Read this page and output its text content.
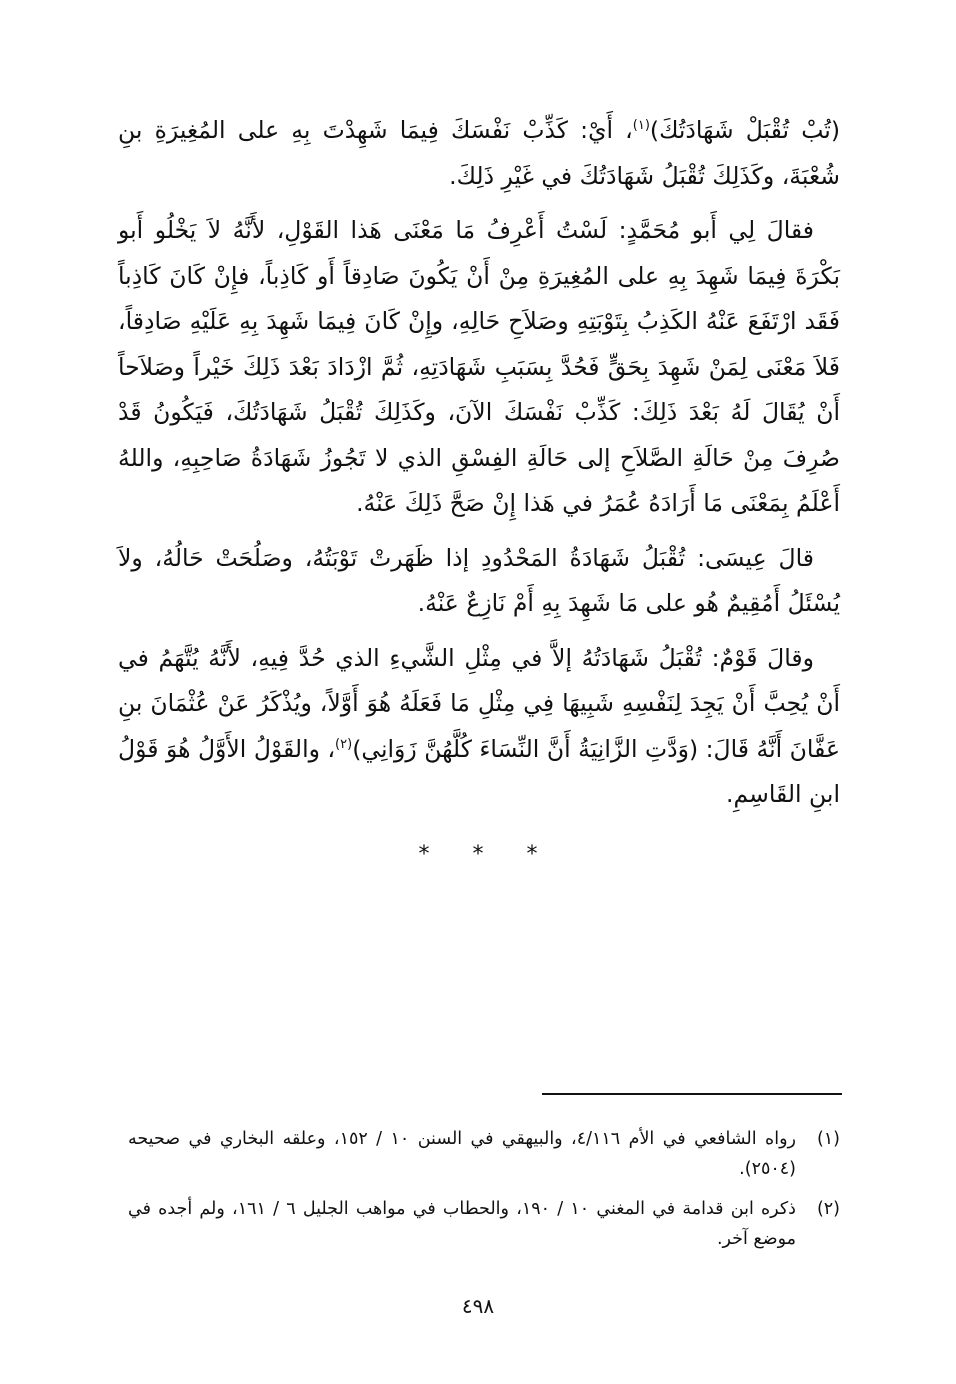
(تُبْ تُقْبَلْ شَهَادَتُكَ)$^{(١)}$، أَيْ: كَذِّبْ نَفْسَكَ فِيمَا شَهِدْتَ بِهِ على المُغِيرَةِ بنِ شُعْبَةَ، وكَذَلِكَ تُقْبَلُ شَهَادَتُكَ في غَيْرِ ذَلِكَ.

فقالَ لِي أَبو مُحَمَّدٍ: لَسْتُ أَعْرِفُ مَا مَعْنَى هَذا القَوْلِ، لأَنَّهُ لاَ يَخْلُو أَبو بَكْرَةَ فِيمَا شَهِدَ بِهِ على المُغِيرَةِ مِنْ أَنْ يَكُونَ صَادِقاً أَو كَاذِباً، فإِنْ كَانَ كَاذِباً فَقَد ارْتَفَعَ عَنْهُ الكَذِبُ بِتَوْبَتِهِ وصَلاَحِ حَالِهِ، وإِنْ كَانَ فِيمَا شَهِدَ بِهِ عَلَيْهِ صَادِقاً، فَلاَ مَعْنَى لِمَنْ شَهِدَ بِحَقٍّ فَحُدَّ بِسَبَبِ شَهَادَتِهِ، ثُمَّ ازْدَادَ بَعْدَ ذَلِكَ خَيْراً وصَلاَحاً أَنْ يُقَالَ لَهُ بَعْدَ ذَلِكَ: كَذِّبْ نَفْسَكَ الآنَ، وكَذَلِكَ تُقْبَلُ شَهَادَتُكَ، فَيَكُونُ قَدْ صُرِفَ مِنْ حَالَةِ الصَّلاَحِ إلى حَالَةِ الفِسْقِ الذي لا تَجُوزُ شَهَادَةُ صَاحِبِهِ، واللهُ أَعْلَمُ بِمَعْنَى مَا أَرَادَهُ عُمَرُ في هَذا إِنْ صَحَّ ذَلِكَ عَنْهُ.

قالَ عِيسَى: تُقْبَلُ شَهَادَةُ المَحْدُودِ إذا ظَهَرتْ تَوْبَتُهُ، وصَلُحَتْ حَالُهُ، ولاَ يُسْئَلُ أَمُقِيمٌ هُو على مَا شَهِدَ بِهِ أَمْ نَازِعٌ عَنْهُ.

وقالَ قَوْمٌ: تُقْبَلُ شَهَادَتُهُ إلاَّ في مِثْلِ الشَّيءِ الذي حُدَّ فِيهِ، لأَنَّهُ يُتَّهَمُ في أَنْ يُحِبَّ أَنْ يَجِدَ لِنَفْسِهِ شَبِيهَا فِي مِثْلِ مَا فَعَلَهُ هُوَ أَوَّلاً، ويُذْكَرُ عَنْ عُثْمَانَ بنِ عَفَّانَ أَنَّهُ قَالَ: (وَدَّتِ الزَّانِيَةُ أَنَّ النِّسَاءَ كُلَّهُنَّ زَوَانِي)$^{(٢)}$، والقَوْلُ الأَوَّلُ هُوَ قَوْلُ ابنِ القَاسِمِ.

* * *
(١)
رواه الشافعي في الأم ٤/١١٦، والبيهقي في السنن ١٠ / ١٥٢، وعلقه البخاري في صحيحه (٢٥٠٤).
(٢)
ذكره ابن قدامة في المغني ١٠ / ١٩٠، والحطاب في مواهب الجليل ٦ / ١٦١، ولم أجده في موضع آخر.
٤٩٨
